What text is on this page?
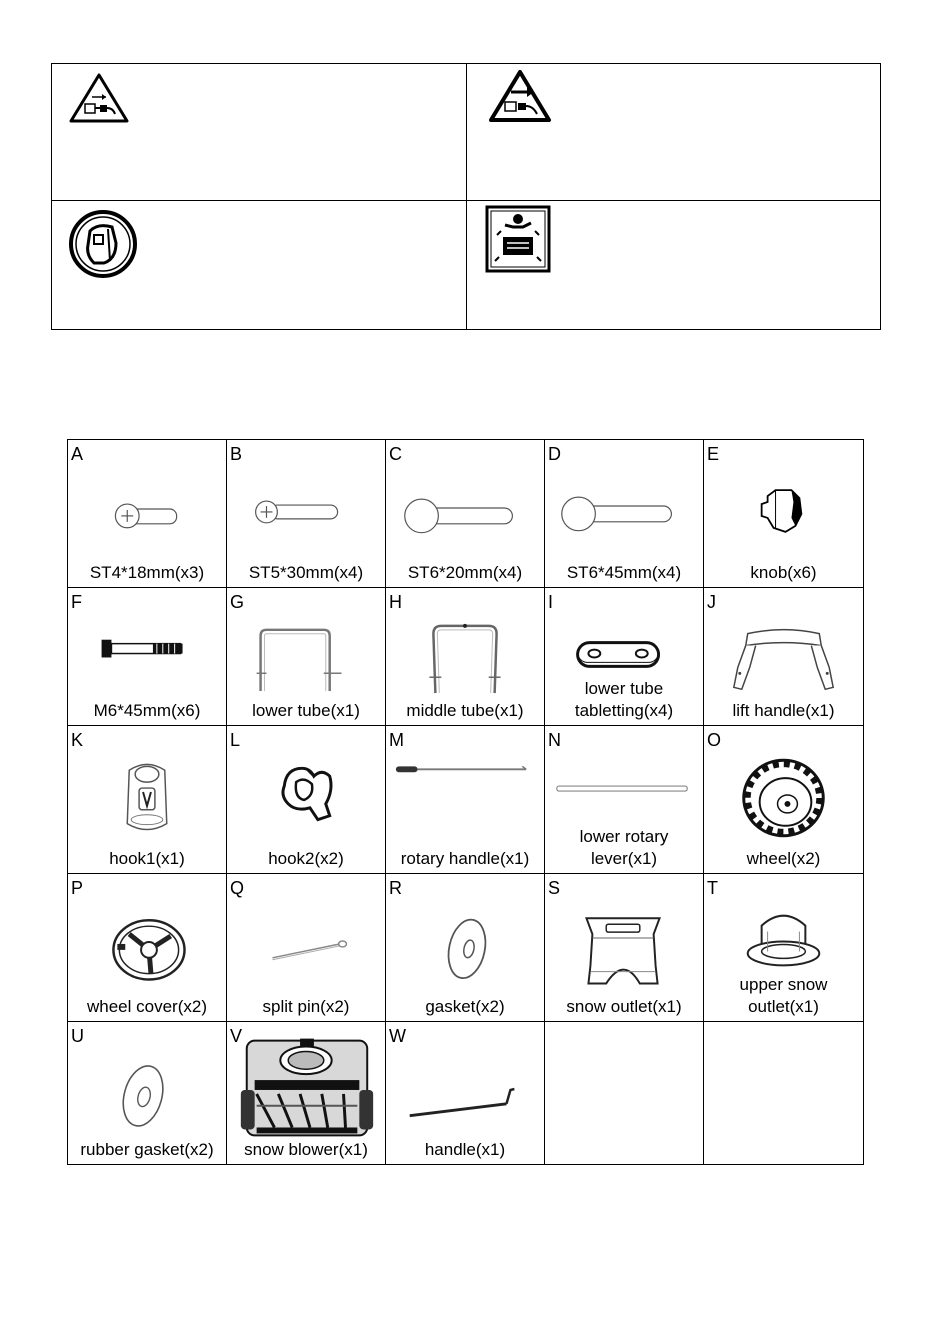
A
ST4*18mm(x3)
B
ST5*30mm(x4)
C
ST6*20mm(x4)
D
ST6*45mm(x4)
E
knob(x6)
F
M6*45mm(x6)
G
lower tube(x1)
H
middle tube(x1)
I
lower tube
tabletting(x4)
J
lift handle(x1)
K
hook1(x1)
L
hook2(x2)
M
rotary handle(x1)
N
lower rotary
lever(x1)
O
wheel(x2)
P
wheel cover(x2)
Q
split pin(x2)
R
gasket(x2)
S
snow outlet(x1)
T
upper snow
outlet(x1)
U
rubber gasket(x2)
V
snow blower(x1)
W
handle(x1)
